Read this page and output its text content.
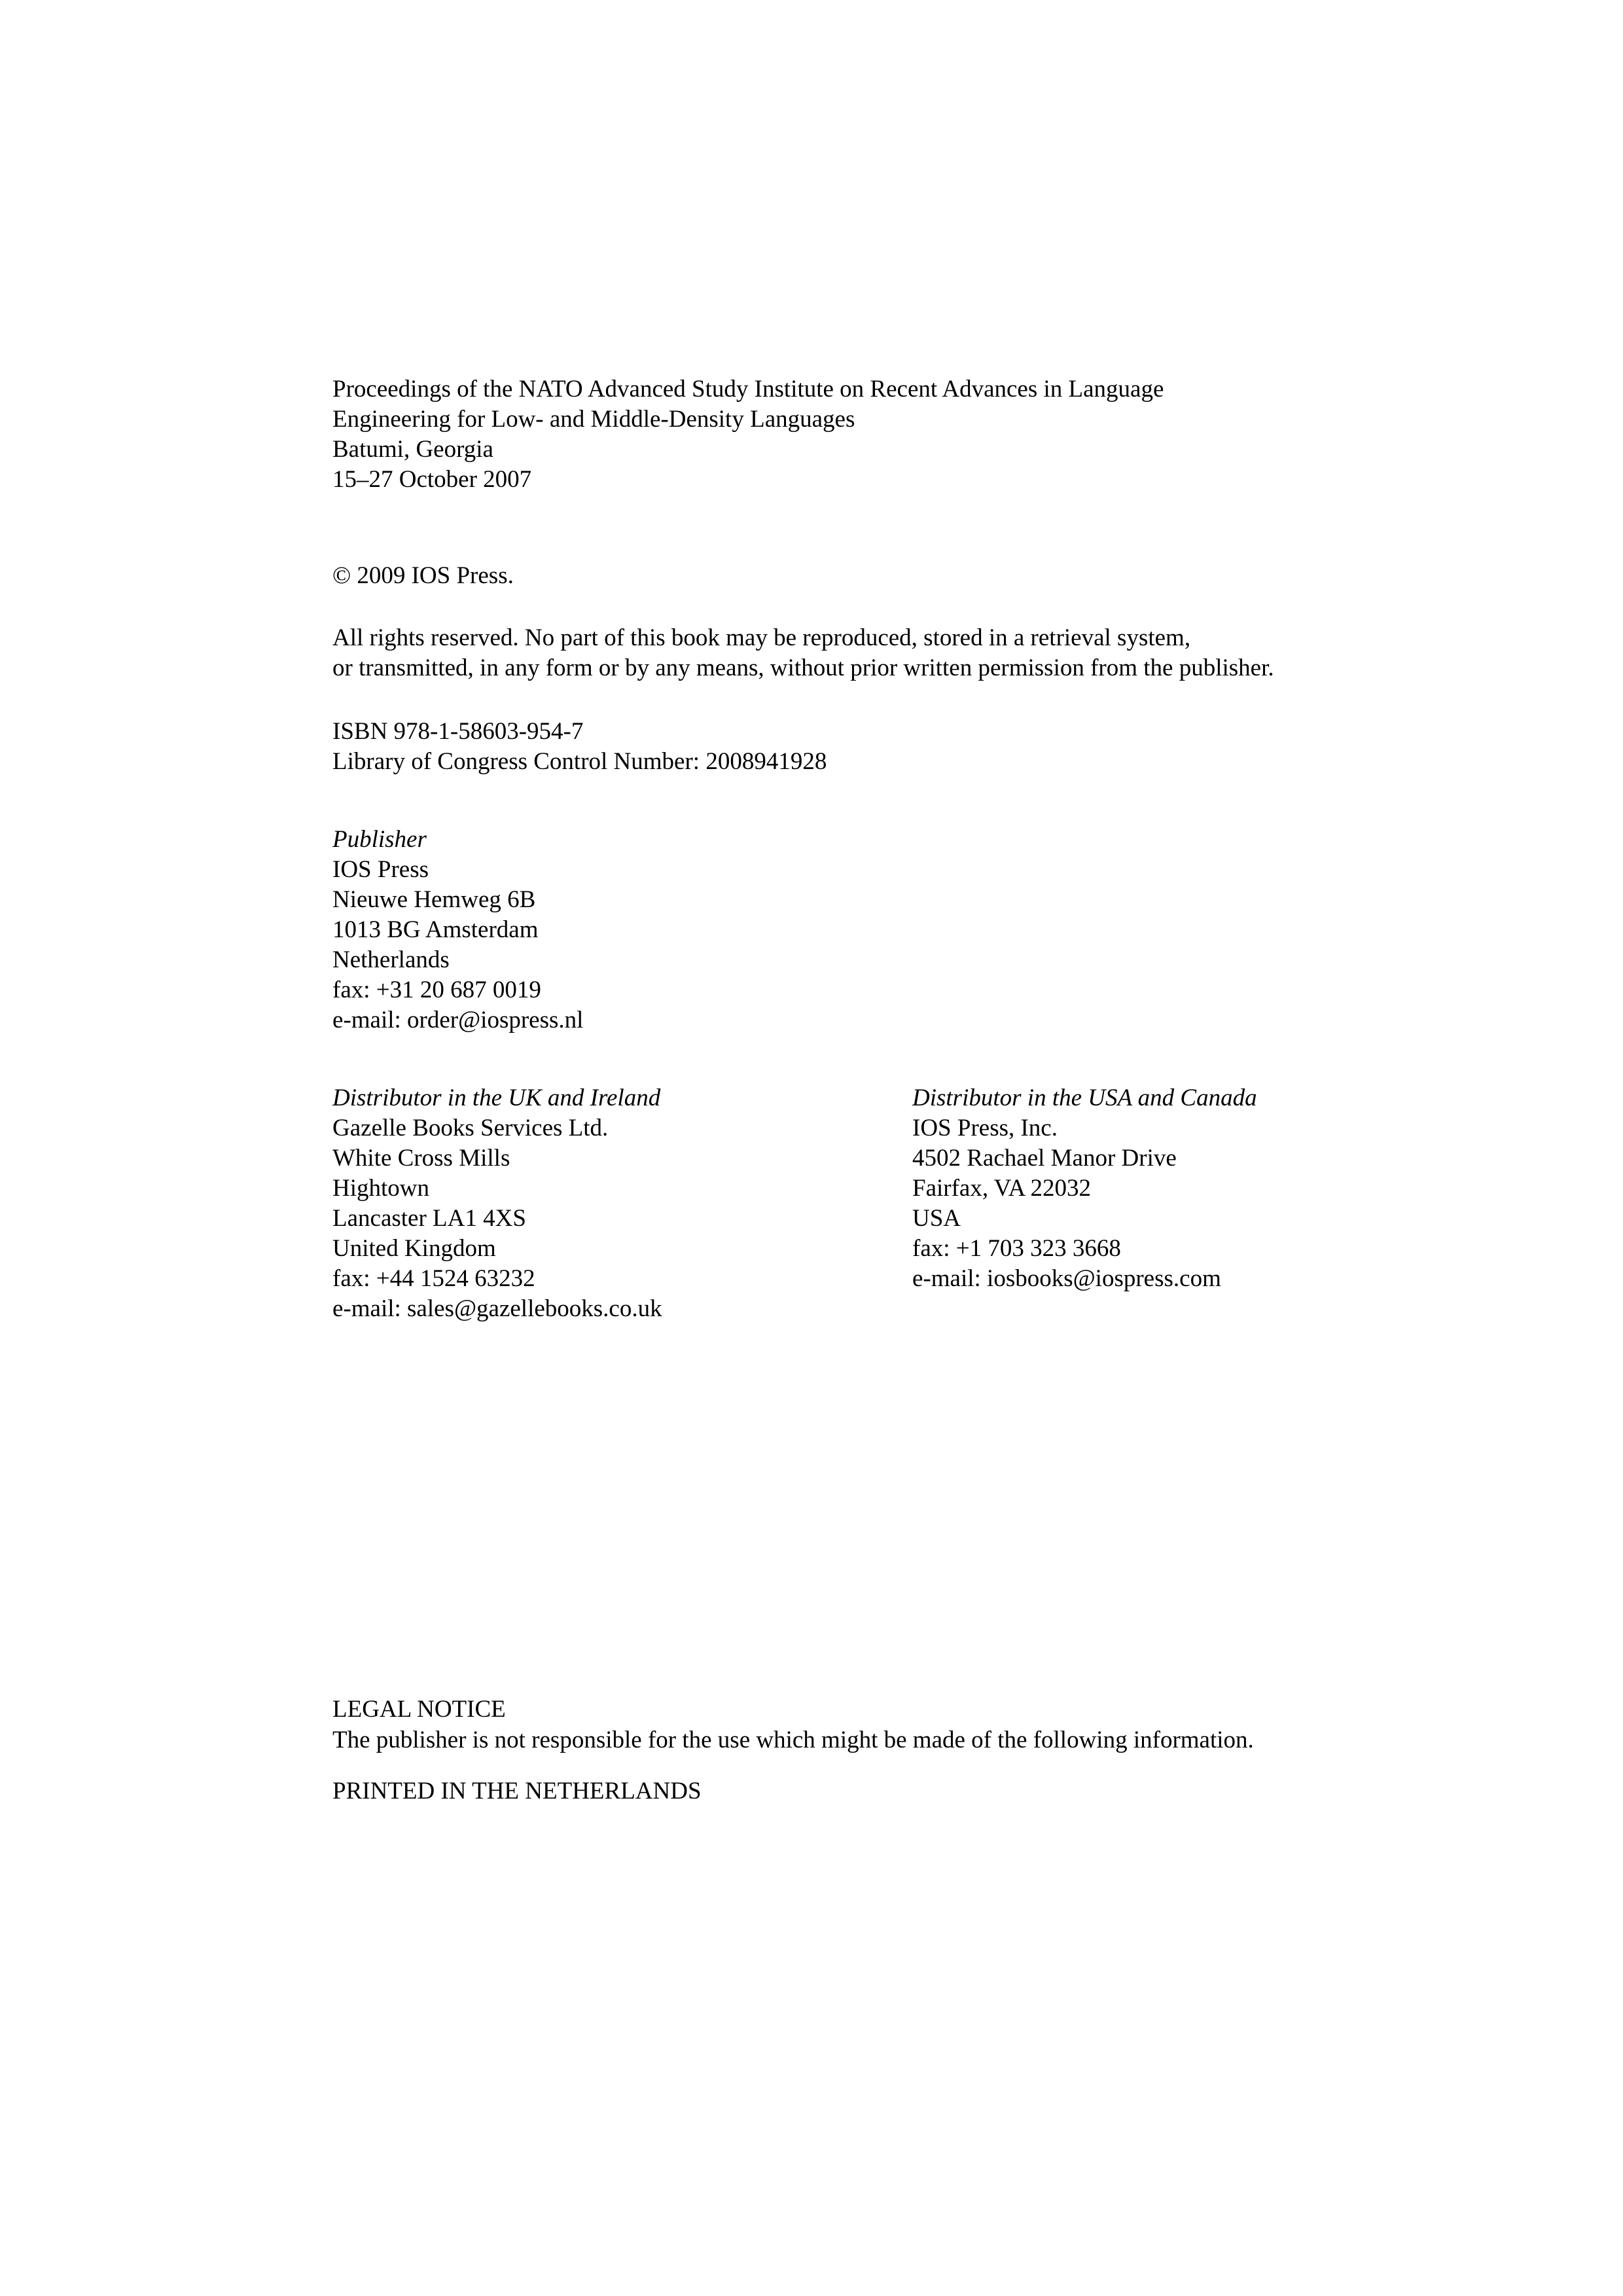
Proceedings of the NATO Advanced Study Institute on Recent Advances in Language
Engineering for Low- and Middle-Density Languages
Batumi, Georgia
15–27 October 2007
© 2009 IOS Press.
All rights reserved. No part of this book may be reproduced, stored in a retrieval system,
or transmitted, in any form or by any means, without prior written permission from the publisher.
ISBN 978-1-58603-954-7
Library of Congress Control Number: 2008941928
Publisher
IOS Press
Nieuwe Hemweg 6B
1013 BG Amsterdam
Netherlands
fax: +31 20 687 0019
e-mail: order@iospress.nl
Distributor in the UK and Ireland
Gazelle Books Services Ltd.
White Cross Mills
Hightown
Lancaster LA1 4XS
United Kingdom
fax: +44 1524 63232
e-mail: sales@gazellebooks.co.uk
Distributor in the USA and Canada
IOS Press, Inc.
4502 Rachael Manor Drive
Fairfax, VA 22032
USA
fax: +1 703 323 3668
e-mail: iosbooks@iospress.com
LEGAL NOTICE
The publisher is not responsible for the use which might be made of the following information.
PRINTED IN THE NETHERLANDS
